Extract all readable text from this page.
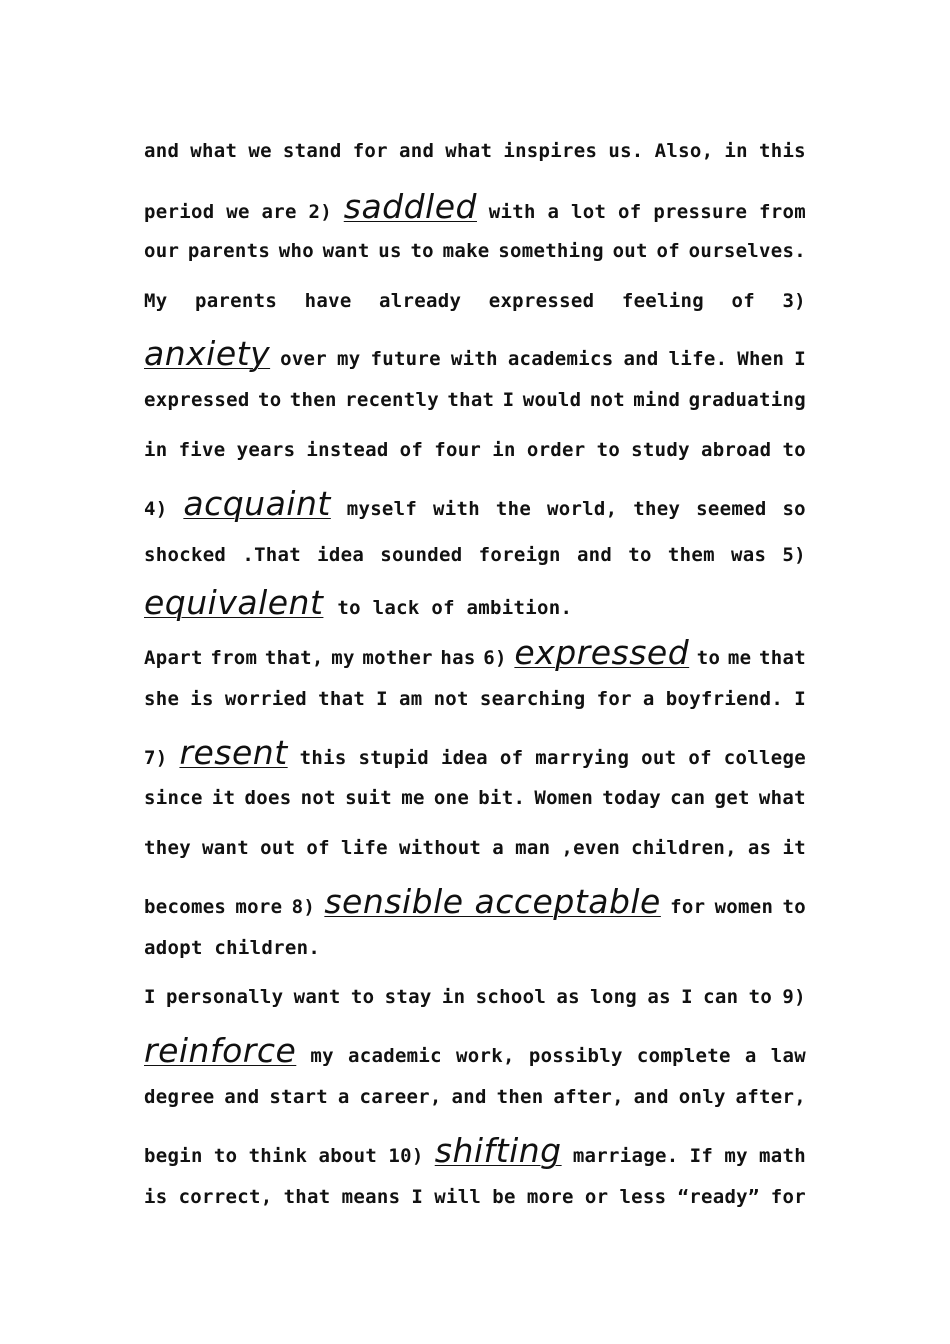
and what we stand for and what inspires us. Also, in this
period we are 2) saddled with a lot of pressure from
our parents who want us to make something out of ourselves.
My parents have already expressed feeling of 3)
anxiety over my future with academics and life. When I
expressed to then recently that I would not mind graduating
in five years instead of four in order to study abroad to
4) acquaint myself with the world, they seemed so
shocked .That idea sounded foreign and to them was 5)
equivalent to lack of ambition.
Apart from that, my mother has 6) expressed to me that
she is worried that I am not searching for a boyfriend. I
7) resent this stupid idea of marrying out of college
since it does not suit me one bit. Women today can get what
they want out of life without a man ,even children, as it
becomes more 8) sensible acceptable for women to
adopt children.
I personally want to stay in school as long as I can to 9)
reinforce my academic work, possibly complete a law
degree and start a career, and then after, and only after,
begin to think about 10) shifting marriage. If my math
is correct, that means I will be more or less “ready” for
